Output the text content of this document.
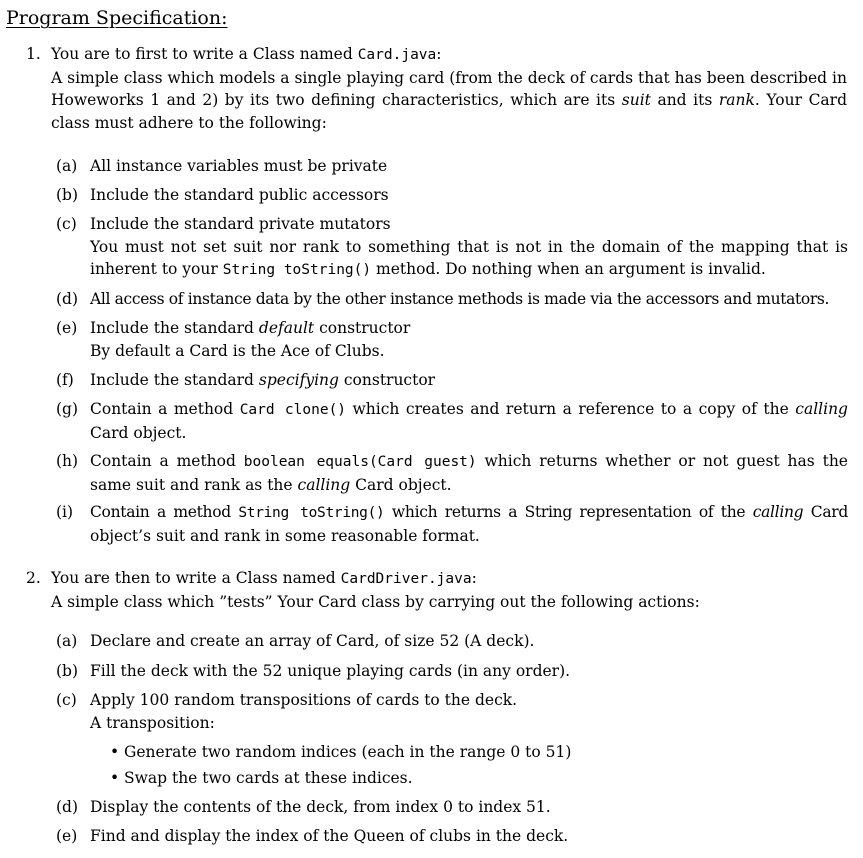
Program Specification:
1. You are to first to write a Class named Card.java:
A simple class which models a single playing card (from the deck of cards that has been described in
Howeworks 1 and 2) by its two defining characteristics, which are its suit and its rank. Your Card
class must adhere to the following:
(a) All instance variables must be private
(b) Include the standard public accessors
(c) Include the standard private mutators
You must not set suit nor rank to something that is not in the domain of the mapping that is
inherent to your String toString() method. Do nothing when an argument is invalid.
(d) All access of instance data by the other instance methods is made via the accessors and mutators.
(e) Include the standard default constructor
By default a Card is the Ace of Clubs.
(f) Include the standard specifying constructor
(g) Contain a method Card clone() which creates and return a reference to a copy of the calling
Card object.
(h) Contain a method boolean equals(Card guest) which returns whether or not guest has the
same suit and rank as the calling Card object.
(i) Contain a method String toString() which returns a String representation of the calling Card
object’s suit and rank in some reasonable format.
2. You are then to write a Class named CardDriver.java:
A simple class which ”tests” Your Card class by carrying out the following actions:
(a) Declare and create an array of Card, of size 52 (A deck).
(b) Fill the deck with the 52 unique playing cards (in any order).
(c) Apply 100 random transpositions of cards to the deck.
A transposition:
• Generate two random indices (each in the range 0 to 51)
• Swap the two cards at these indices.
(d) Display the contents of the deck, from index 0 to index 51.
(e) Find and display the index of the Queen of clubs in the deck.
